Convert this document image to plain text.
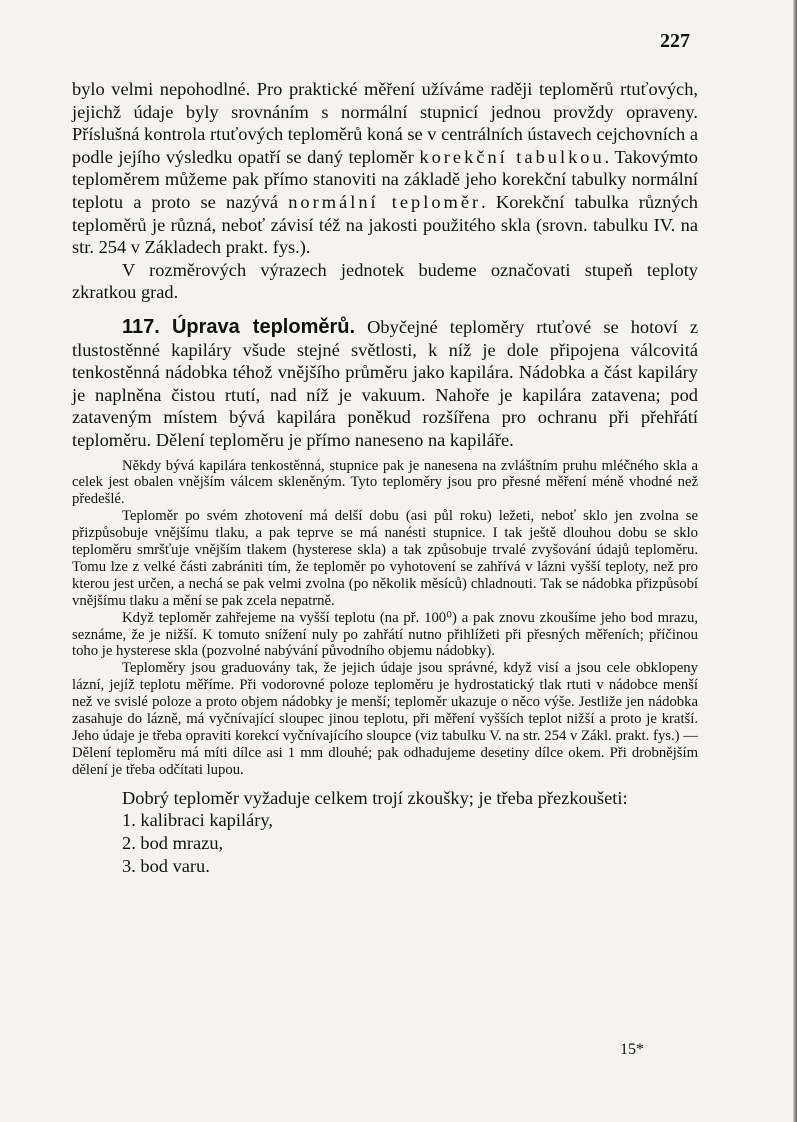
227

bylo velmi nepohodlné. Pro praktické měření užíváme raději teploměrů rtuťových, jejichž údaje byly srovnáním s normální stupnicí jednou provždy opraveny. Příslušná kontrola rtuťových teploměrů koná se v centrálních ústavech cejchovních a podle jejího výsledku opatří se daný teploměr korekční tabulkou. Takovýmto teploměrem můžeme pak přímo stanoviti na základě jeho korekční tabulky normální teplotu a proto se nazývá normální teploměr. Korekční tabulka různých teploměrů je různá, neboť závisí též na jakosti použitého skla (srovn. tabulku IV. na str. 254 v Základech prakt. fys.).

V rozměrových výrazech jednotek budeme označovati stupeň teploty zkratkou grad.

117. Úprava teploměrů. Obyčejné teploměry rtuťové se hotoví z tlustostěnné kapiláry všude stejné světlosti, k níž je dole připojena válcovitá tenkostěnná nádobka téhož vnějšího průměru jako kapilára. Nádobka a část kapiláry je naplněna čistou rtutí, nad níž je vakuum. Nahoře je kapilára zatavena; pod zataveným místem bývá kapilára poněkud rozšířena pro ochranu při přehřátí teploměru. Dělení teploměru je přímo naneseno na kapiláře.

Někdy bývá kapilára tenkostěnná, stupnice pak je nanesena na zvláštním pruhu mléčného skla a celek jest obalen vnějším válcem skleněným. Tyto teploměry jsou pro přesné měření méně vhodné než předešlé.

Teploměr po svém zhotovení má delší dobu (asi půl roku) ležeti, neboť sklo jen zvolna se přizpůsobuje vnějšímu tlaku, a pak teprve se má nanésti stupnice. I tak ještě dlouhou dobu se sklo teploměru smršťuje vnějším tlakem (hysterese skla) a tak způsobuje trvalé zvyšování údajů teploměru. Tomu lze z velké části zabrániti tím, že teploměr po vyhotovení se zahřívá v lázni vyšší teploty, než pro kterou jest určen, a nechá se pak velmi zvolna (po několik měsíců) chladnouti. Tak se nádobka přizpůsobí vnějšímu tlaku a mění se pak zcela nepatrně.

Když teploměr zahřejeme na vyšší teplotu (na př. 100⁰) a pak znovu zkoušíme jeho bod mrazu, seznáme, že je nižší. K tomuto snížení nuly po zahřátí nutno přihlížeti při přesných měřeních; příčinou toho je hysterese skla (pozvolné nabývání původního objemu nádobky).

Teploměry jsou graduovány tak, že jejich údaje jsou správné, když visí a jsou cele obklopeny lázní, jejíž teplotu měříme. Při vodorovné poloze teploměru je hydrostatický tlak rtuti v nádobce menší než ve svislé poloze a proto objem nádobky je menší; teploměr ukazuje o něco výše. Jestliže jen nádobka zasahuje do lázně, má vyčnívající sloupec jinou teplotu, při měření vyšších teplot nižší a proto je kratší. Jeho údaje je třeba opraviti korekcí vyčnívajícího sloupce (viz tabulku V. na str. 254 v Zákl. prakt. fys.) — Dělení teploměru má míti dílce asi 1 mm dlouhé; pak odhadujeme desetiny dílce okem. Při drobnějším dělení je třeba odčítati lupou.

Dobrý teploměr vyžaduje celkem trojí zkoušky; je třeba přezkoušeti:

1. kalibraci kapiláry,
2. bod mrazu,
3. bod varu.
15*
